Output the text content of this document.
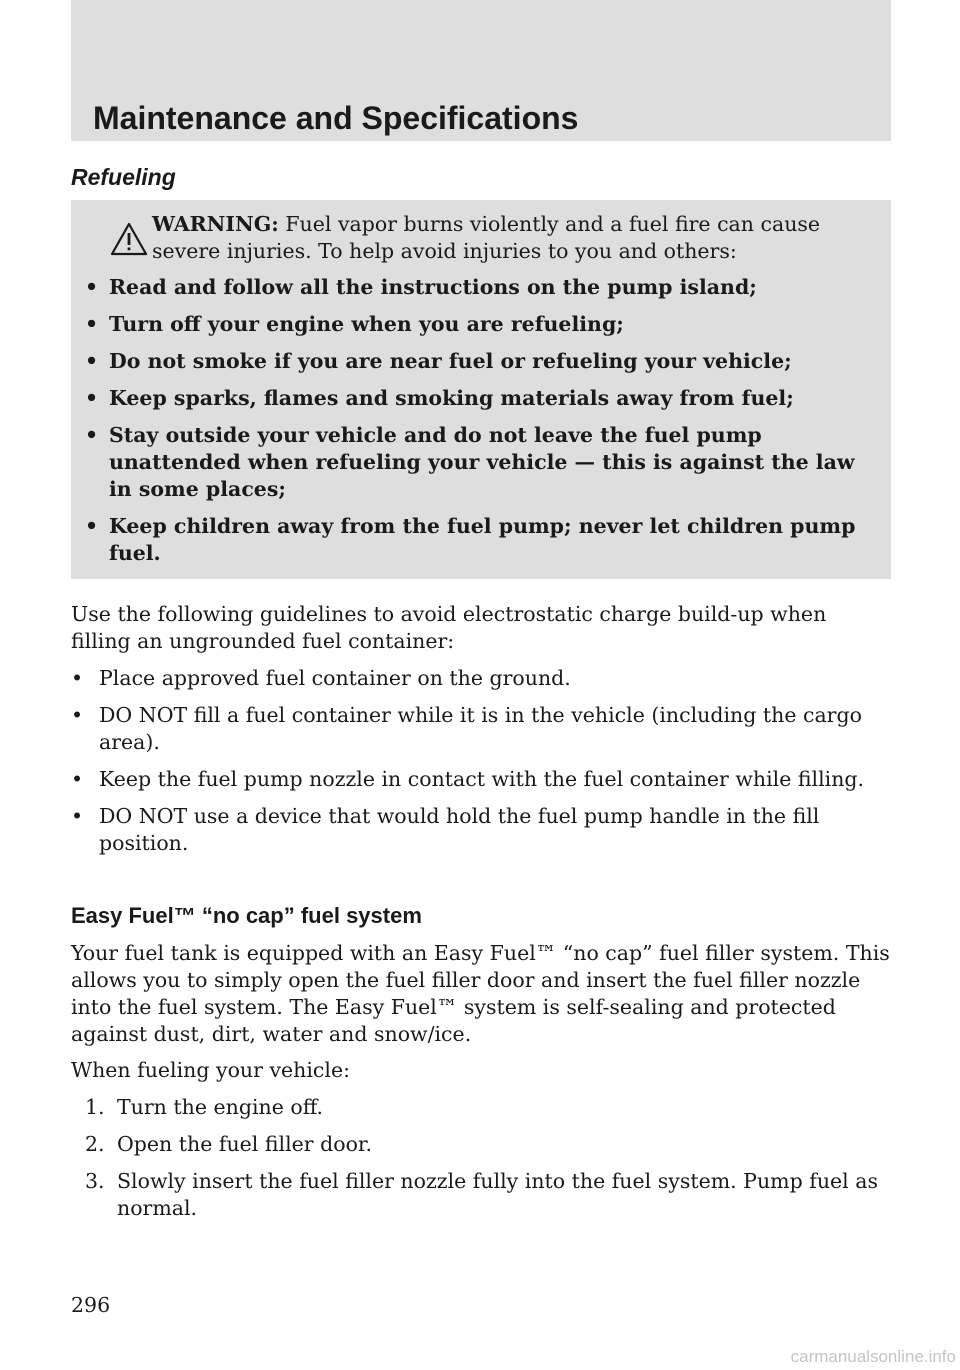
Maintenance and Specifications
Refueling

WARNING: Fuel vapor burns violently and a fuel fire can cause severe injuries. To help avoid injuries to you and others:

• Read and follow all the instructions on the pump island;
• Turn off your engine when you are refueling;
• Do not smoke if you are near fuel or refueling your vehicle;
• Keep sparks, flames and smoking materials away from fuel;
• Stay outside your vehicle and do not leave the fuel pump unattended when refueling your vehicle — this is against the law in some places;
• Keep children away from the fuel pump; never let children pump fuel.

Use the following guidelines to avoid electrostatic charge build-up when filling an ungrounded fuel container:

• Place approved fuel container on the ground.
• DO NOT fill a fuel container while it is in the vehicle (including the cargo area).
• Keep the fuel pump nozzle in contact with the fuel container while filling.
• DO NOT use a device that would hold the fuel pump handle in the fill position.
Easy Fuel™ “no cap” fuel system

Your fuel tank is equipped with an Easy Fuel™ “no cap” fuel filler system. This allows you to simply open the fuel filler door and insert the fuel filler nozzle into the fuel system. The Easy Fuel™ system is self-sealing and protected against dust, dirt, water and snow/ice.

When fueling your vehicle:

1. Turn the engine off.
2. Open the fuel filler door.
3. Slowly insert the fuel filler nozzle fully into the fuel system. Pump fuel as normal.
296
carmanualsonline.info
